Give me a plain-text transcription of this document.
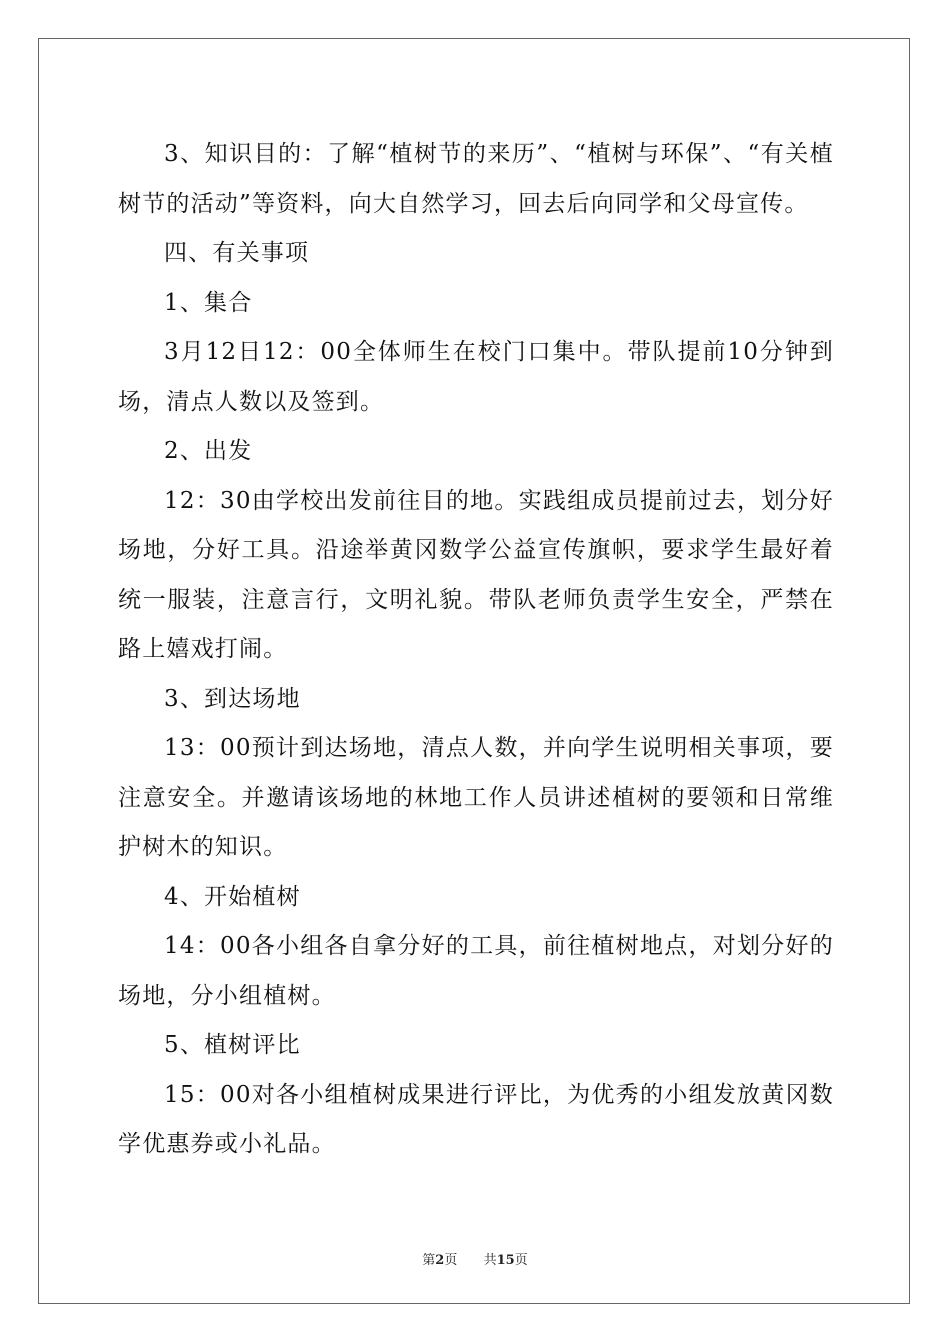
3、知识目的：了解“植树节的来历”、“植树与环保”、“有关植树节的活动”等资料，向大自然学习，回去后向同学和父母宣传。

四、有关事项

1、集合

3月12日12：00全体师生在校门口集中。带队提前10分钟到场，清点人数以及签到。

2、出发

12：30由学校出发前往目的地。实践组成员提前过去，划分好场地，分好工具。沿途举黄冈数学公益宣传旗帜，要求学生最好着统一服装，注意言行，文明礼貌。带队老师负责学生安全，严禁在路上嬉戏打闹。

3、到达场地

13：00预计到达场地，清点人数，并向学生说明相关事项，要注意安全。并邀请该场地的林地工作人员讲述植树的要领和日常维护树木的知识。

4、开始植树

14：00各小组各自拿分好的工具，前往植树地点，对划分好的场地，分小组植树。

5、植树评比

15：00对各小组植树成果进行评比，为优秀的小组发放黄冈数学优惠券或小礼品。

第2页 共15页
